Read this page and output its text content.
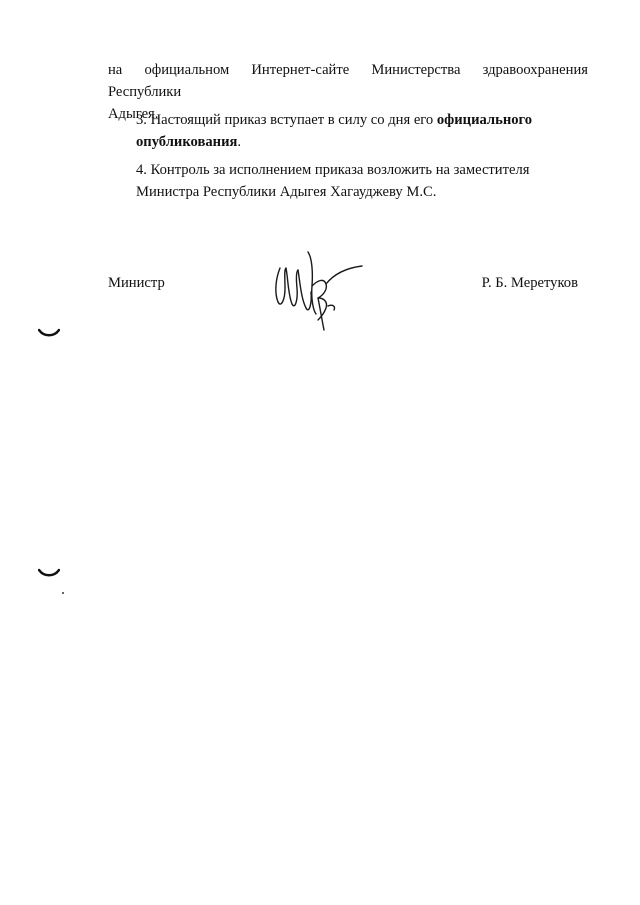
на официальном Интернет-сайте Министерства здравоохранения Республики
Адыгея.
3. Настоящий приказ вступает в силу со дня его официального
опубликования.
4. Контроль за исполнением приказа возложить на заместителя
Министра Республики Адыгея Хагауджеву М.С.
Министр	Р. Б. Меретуков
